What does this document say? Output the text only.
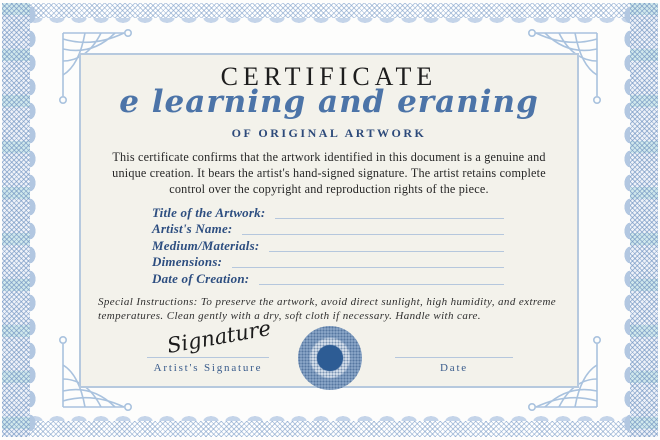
CERTIFICATE
e learning and eraning
OF ORIGINAL ARTWORK

This certificate confirms that the artwork identified in this document is a genuine and unique creation. It bears the artist's hand-signed signature. The artist retains complete control over the copyright and reproduction rights of the piece.

Title of the Artwork:
Artist's Name:
Medium/Materials:
Dimensions:
Date of Creation:

Special Instructions: To preserve the artwork, avoid direct sunlight, high humidity, and extreme temperatures. Clean gently with a dry, soft cloth if necessary. Handle with care.

Signature
Artist's Signature	Date
